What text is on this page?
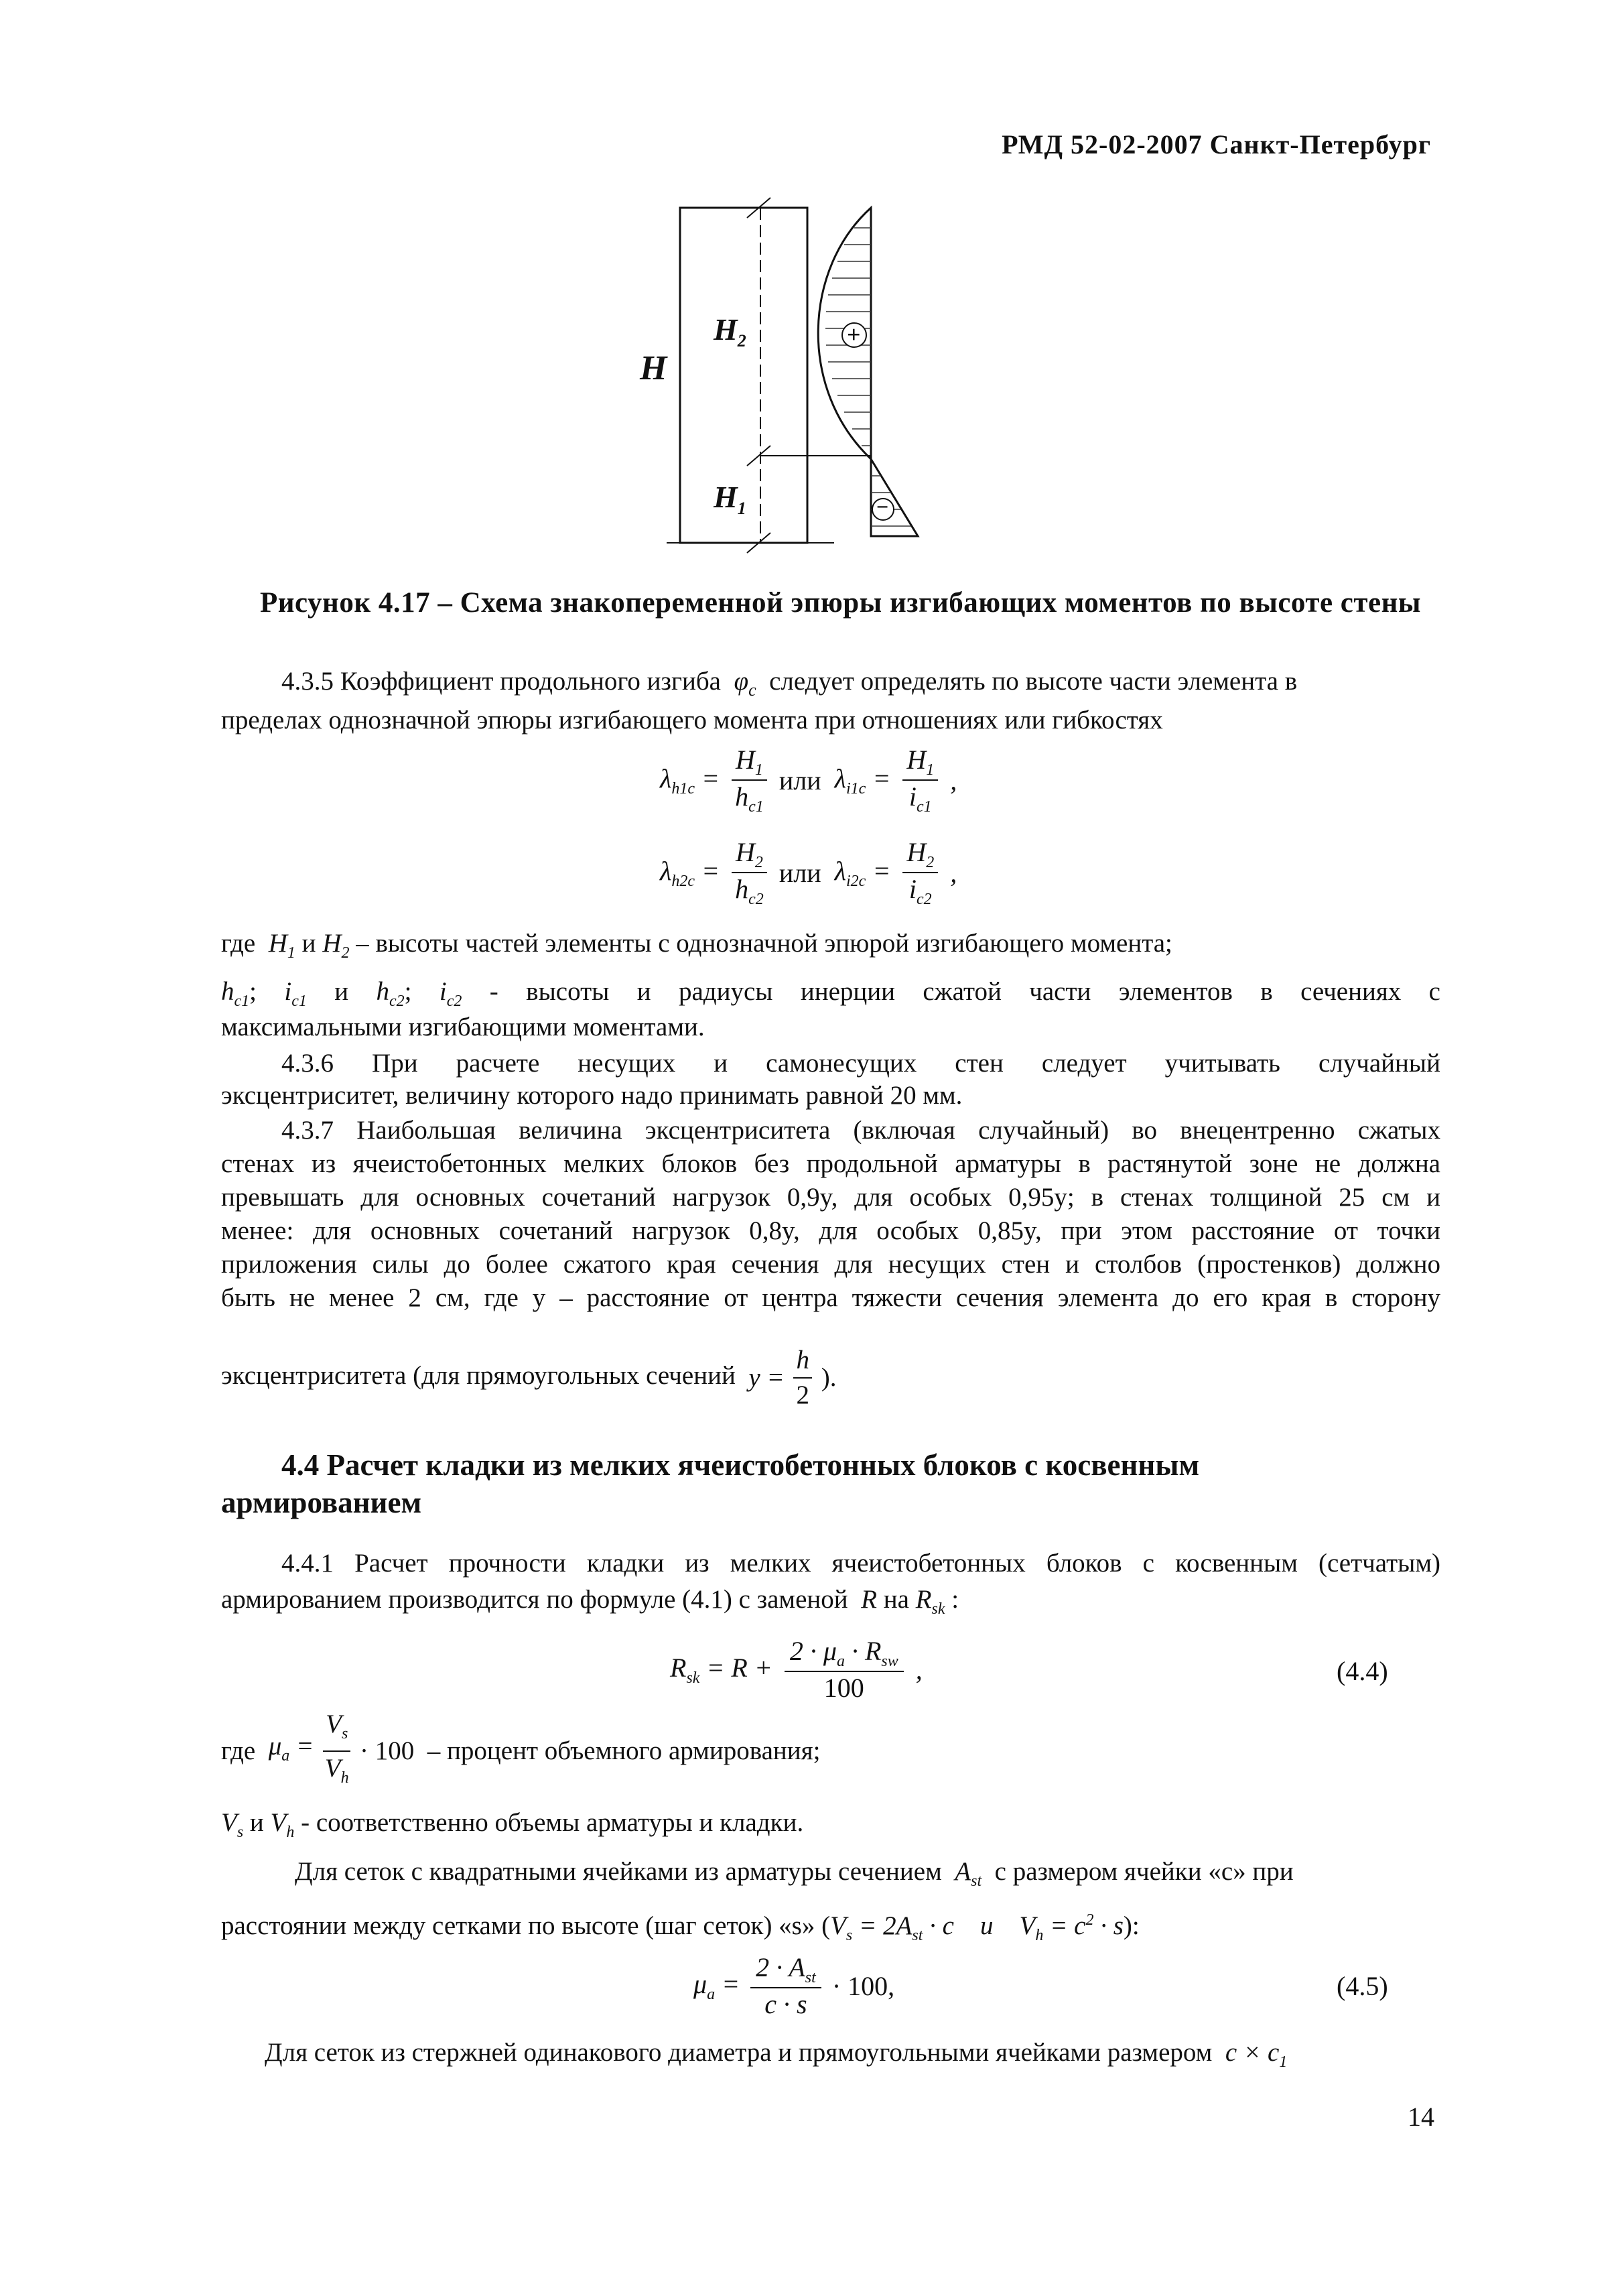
РМД 52-02-2007 Санкт-Петербург
H
$H_2$
$H_1$
+
−
Рисунок 4.17 – Схема знакопеременной эпюры изгибающих моментов по высоте стены
4.3.5 Коэффициент продольного изгиба  $\varphi_c$ следует определять по высоте части элемента в
пределах однозначной эпюры изгибающего момента при отношениях или гибкостях
$\lambda_{h1c} = \frac{H_1}{h_{c1}}$ или  $\lambda_{i1c} = \frac{H_1}{i_{c1}}$ ,
$\lambda_{h2c} = \frac{H_2}{h_{c2}}$ или  $\lambda_{i2c} = \frac{H_2}{i_{c2}}$ ,
где  $H_1$ и $H_2$ – высоты частей элементы с однозначной эпюрой изгибающего момента;
$h_{c1}$; $i_{c1}$ и $h_{c2}$; $i_{c2}$ - высоты и радиусы инерции сжатой части элементов в сечениях с
максимальными изгибающими моментами.
4.3.6 При расчете несущих и самонесущих стен следует учитывать случайный
эксцентриситет, величину которого надо принимать равной 20 мм.
4.3.7 Наибольшая величина эксцентриситета (включая случайный) во внецентренно сжатых
стенах из ячеистобетонных мелких блоков без продольной арматуры в растянутой зоне не должна
превышать для основных сочетаний нагрузок 0,9y, для особых 0,95y; в стенах толщиной 25 см и
менее: для основных сочетаний нагрузок 0,8y, для особых 0,85y, при этом расстояние от точки
приложения силы до более сжатого края сечения для несущих стен и столбов (простенков) должно
быть не менее 2 см, где y – расстояние от центра тяжести сечения элемента до его края в сторону
эксцентриситета (для прямоугольных сечений  $y = \frac{h}{2}$ ).
4.4 Расчет кладки из мелких ячеистобетонных блоков с косвенным
армированием
4.4.1 Расчет прочности кладки из мелких ячеистобетонных блоков с косвенным (сетчатым)
армированием производится по формуле (4.1) с заменой  R на $R_{sk}$ :
$R_{sk} = R$ +
$2 \cdot \mu_a \cdot R_{sw}$
100
,	(4.4)
где  $\mu_a = \frac{V_s}{V_h} \cdot 100$ – процент объемного армирования;
$V_s$ и $V_h$ - соответственно объемы арматуры и кладки.
Для сеток с квадратными ячейками из арматуры сечением  $A_{st}$ с размером ячейки «c» при
расстоянии между сетками по высоте (шаг сеток) «s» ($V_s = 2A_{st} \cdot c$    u    $V_h = c^2 \cdot s$):
$\mu_a$ =
$2 \cdot A_{st}$
c · s
· 100,	(4.5)
Для сеток из стержней одинакового диаметра и прямоугольными ячейками размером  $c \times c_1$
14
